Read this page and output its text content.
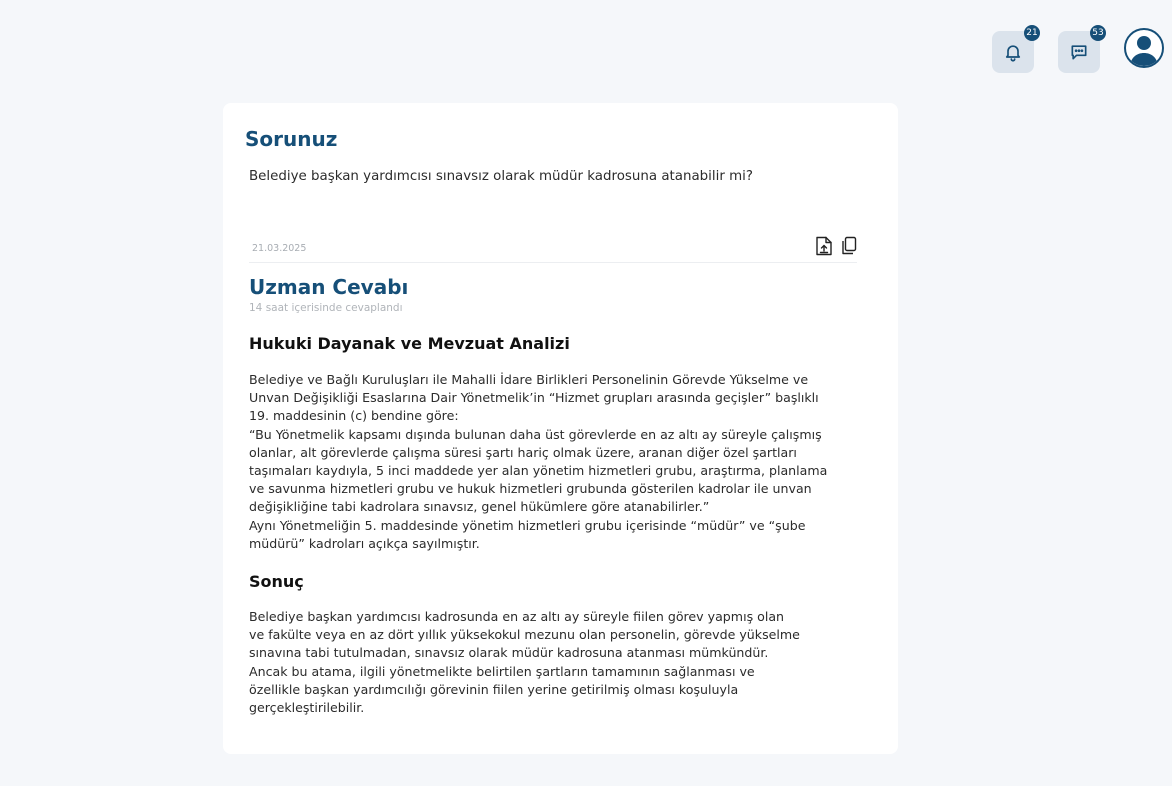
21	53
Sorunuz
Belediye başkan yardımcısı sınavsız olarak müdür kadrosuna atanabilir mi?
21.03.2025
Uzman Cevabı
14 saat içerisinde cevaplandı
Hukuki Dayanak ve Mevzuat Analizi
Belediye ve Bağlı Kuruluşları ile Mahalli İdare Birlikleri Personelinin Görevde Yükselme ve
Unvan Değişikliği Esaslarına Dair Yönetmelik’in “Hizmet grupları arasında geçişler” başlıklı
19. maddesinin (c) bendine göre:
“Bu Yönetmelik kapsamı dışında bulunan daha üst görevlerde en az altı ay süreyle çalışmış
olanlar, alt görevlerde çalışma süresi şartı hariç olmak üzere, aranan diğer özel şartları
taşımaları kaydıyla, 5 inci maddede yer alan yönetim hizmetleri grubu, araştırma, planlama
ve savunma hizmetleri grubu ve hukuk hizmetleri grubunda gösterilen kadrolar ile unvan
değişikliğine tabi kadrolara sınavsız, genel hükümlere göre atanabilirler.”
Aynı Yönetmeliğin 5. maddesinde yönetim hizmetleri grubu içerisinde “müdür” ve “şube
müdürü” kadroları açıkça sayılmıştır.
Sonuç
Belediye başkan yardımcısı kadrosunda en az altı ay süreyle fiilen görev yapmış olan
ve fakülte veya en az dört yıllık yüksekokul mezunu olan personelin, görevde yükselme
sınavına tabi tutulmadan, sınavsız olarak müdür kadrosuna atanması mümkündür.
Ancak bu atama, ilgili yönetmelikte belirtilen şartların tamamının sağlanması ve
özellikle başkan yardımcılığı görevinin fiilen yerine getirilmiş olması koşuluyla
gerçekleştirilebilir.
